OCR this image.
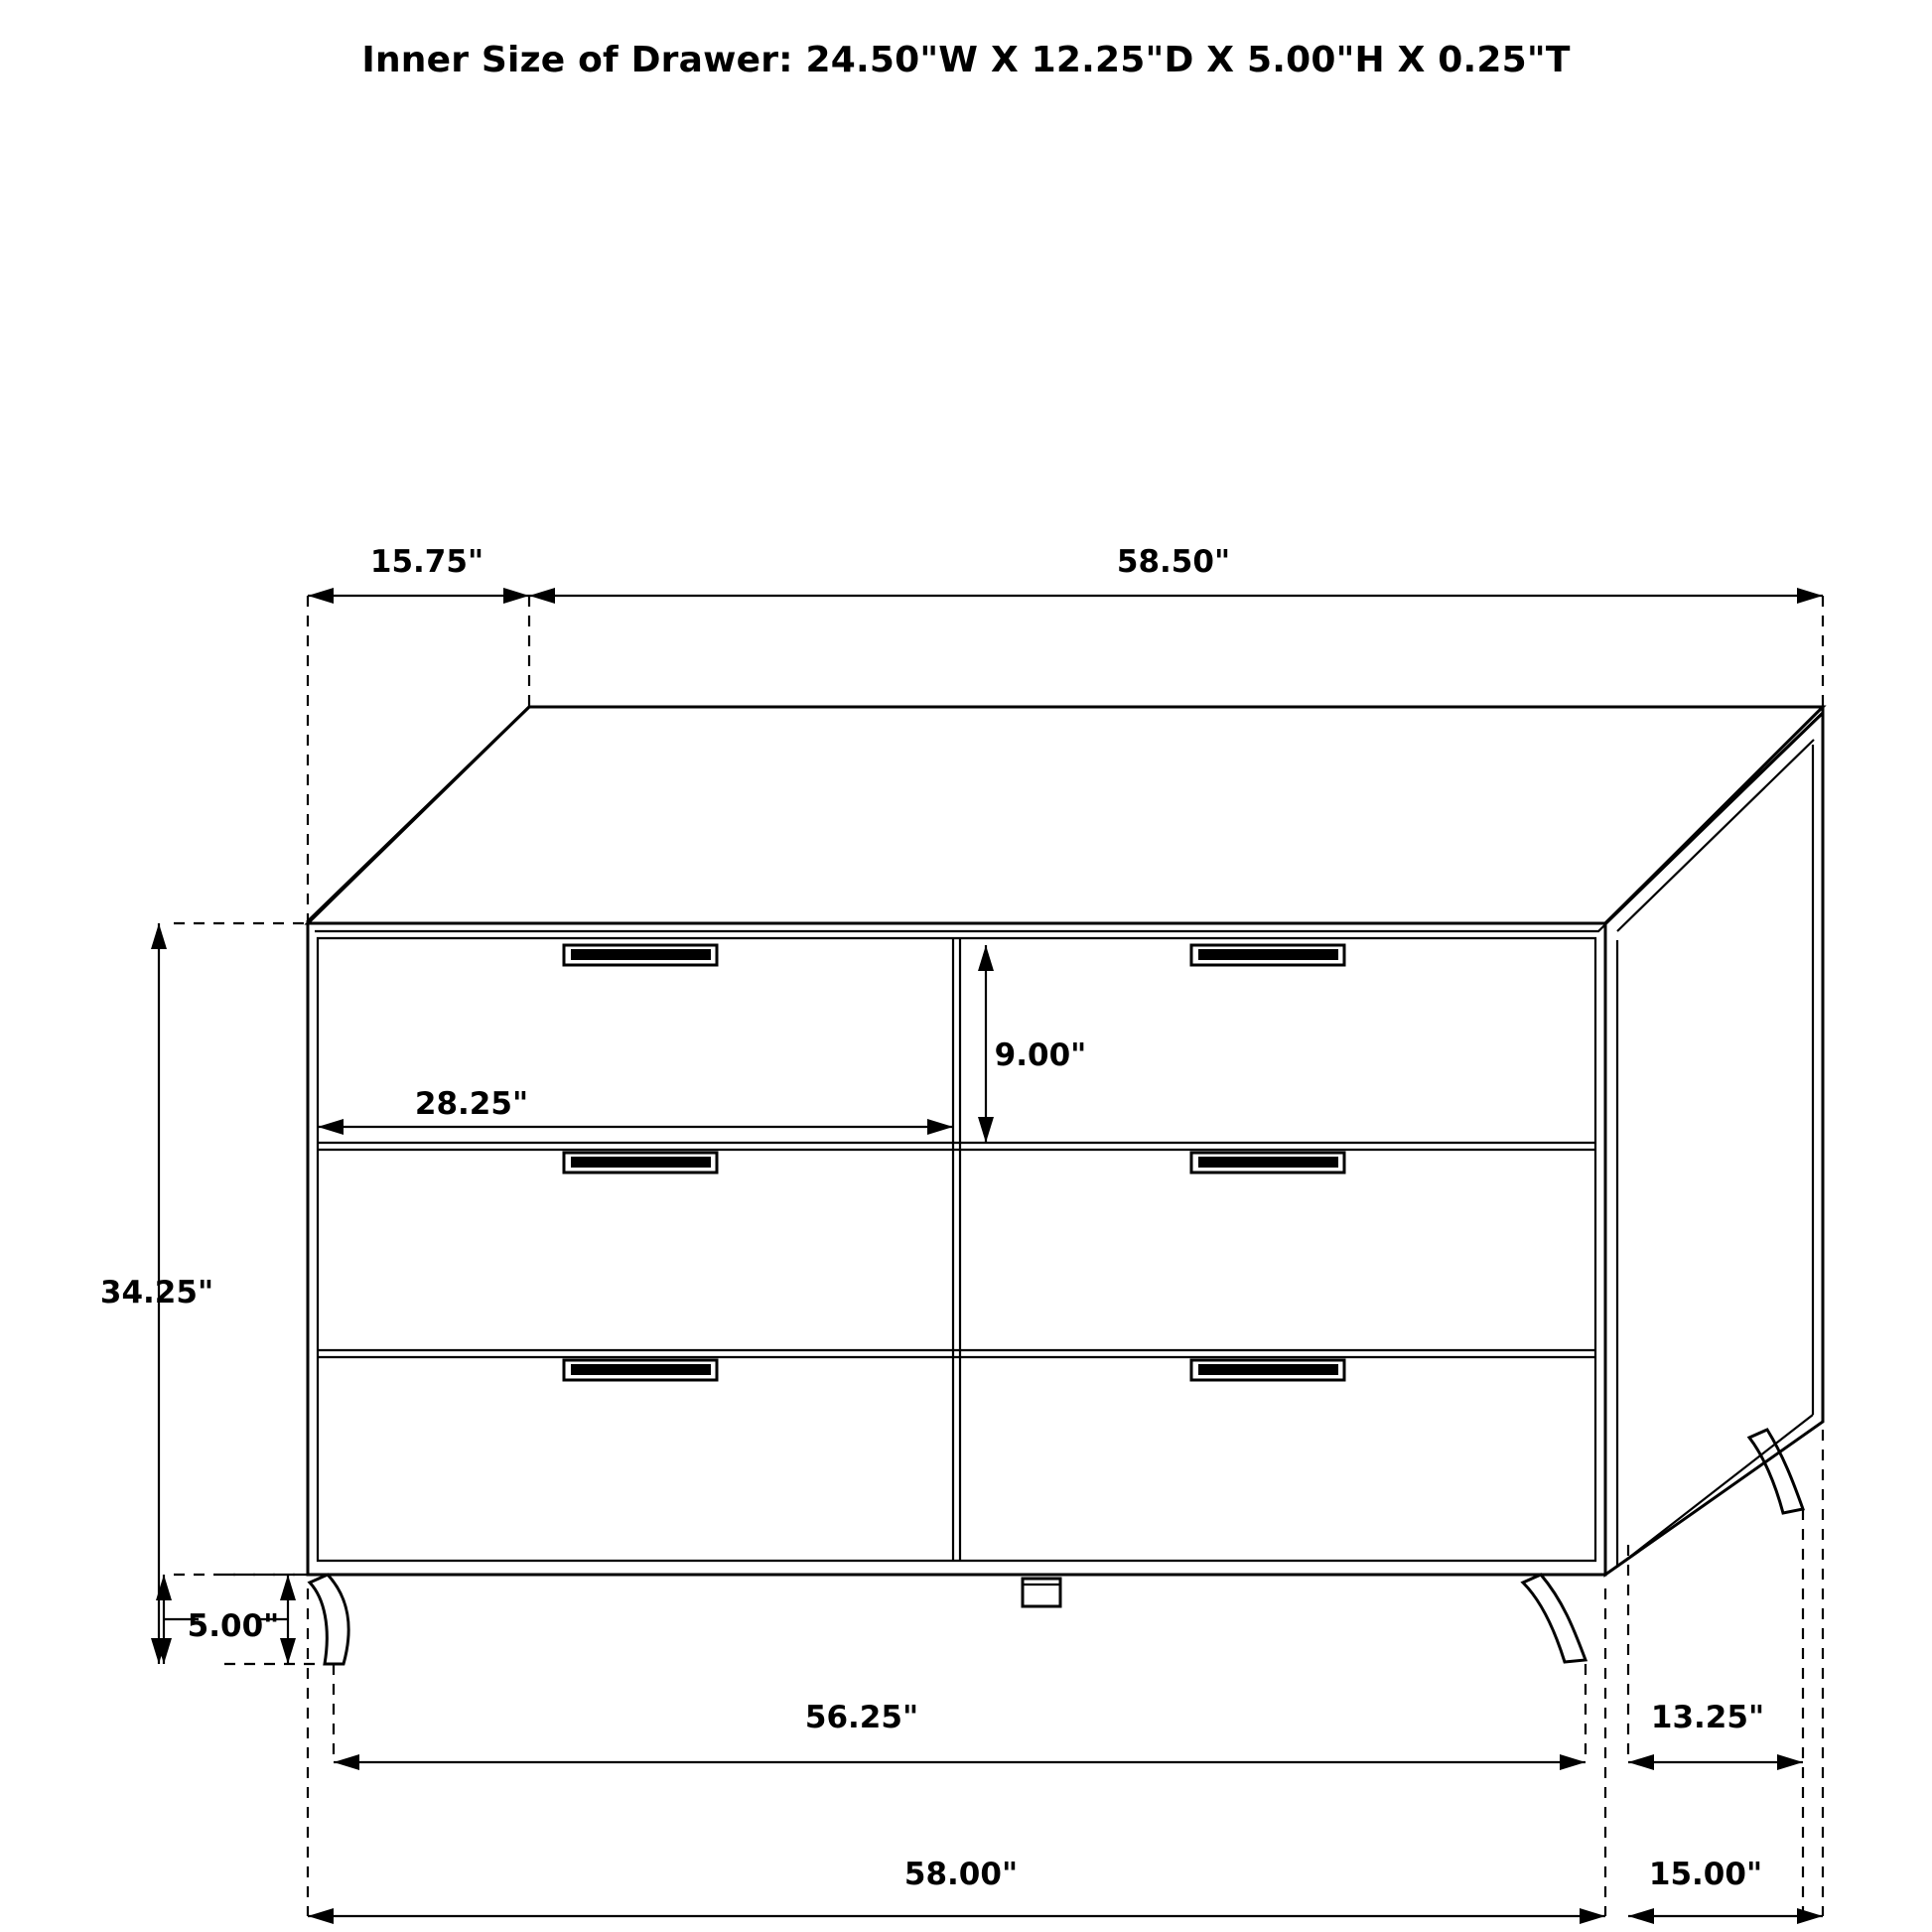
Inner Size of Drawer: 24.50"W X 12.25"D X 5.00"H X 0.25"T
15.75"	58.50"
9.00"
28.25"
34.25"
5.00"
56.25"	13.25"
58.00"	15.00"
